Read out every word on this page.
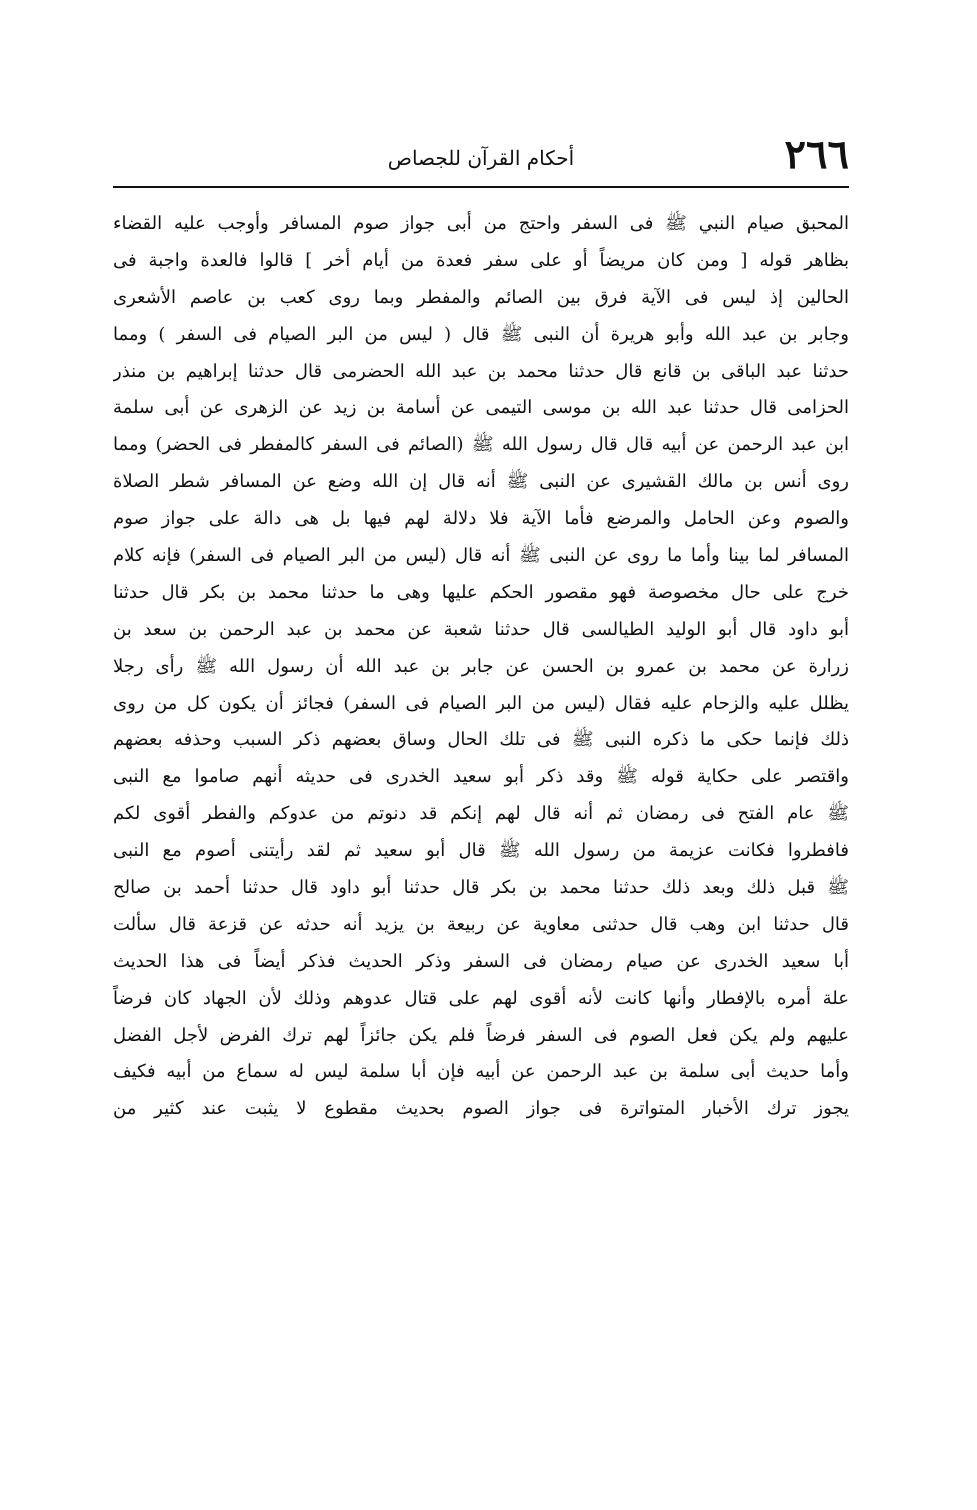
٢٦٦
أحكام القرآن للجصاص
المحبق صيام النبي ﷺ فى السفر واحتج من أبى جواز صوم المسافر وأوجب عليه القضاء
بظاهر قوله [ ومن كان مريضاً أو على سفر فعدة من أيام أخر ] قالوا فالعدة واجبة فى
الحالين إذ ليس فى الآية فرق بين الصائم والمفطر وبما روى كعب بن عاصم الأشعرى
وجابر بن عبد الله وأبو هريرة أن النبى ﷺ قال ( ليس من البر الصيام فى السفر ) ومما
حدثنا عبد الباقى بن قانع قال حدثنا محمد بن عبد الله الحضرمى قال حدثنا إبراهيم بن منذر
الحزامى قال حدثنا عبد الله بن موسى التيمى عن أسامة بن زيد عن الزهرى عن أبى سلمة
ابن عبد الرحمن عن أبيه قال قال رسول الله ﷺ (الصائم فى السفر كالمفطر فى الحضر) ومما
روى أنس بن مالك القشيرى عن النبى ﷺ أنه قال إن الله وضع عن المسافر شطر الصلاة
والصوم وعن الحامل والمرضع فأما الآية فلا دلالة لهم فيها بل هى دالة على جواز صوم
المسافر لما بينا وأما ما روى عن النبى ﷺ أنه قال (ليس من البر الصيام فى السفر) فإنه كلام
خرج على حال مخصوصة فهو مقصور الحكم عليها وهى ما حدثنا محمد بن بكر قال حدثنا
أبو داود قال أبو الوليد الطيالسى قال حدثنا شعبة عن محمد بن عبد الرحمن بن سعد بن
زرارة عن محمد بن عمرو بن الحسن عن جابر بن عبد الله أن رسول الله ﷺ رأى رجلا
يظلل عليه والزحام عليه فقال (ليس من البر الصيام فى السفر) فجائز أن يكون كل من روى
ذلك فإنما حكى ما ذكره النبى ﷺ فى تلك الحال وساق بعضهم ذكر السبب وحذفه بعضهم
واقتصر على حكاية قوله ﷺ وقد ذكر أبو سعيد الخدرى فى حديثه أنهم صاموا مع النبى
ﷺ عام الفتح فى رمضان ثم أنه قال لهم إنكم قد دنوتم من عدوكم والفطر أقوى لكم
فافطروا فكانت عزيمة من رسول الله ﷺ قال أبو سعيد ثم لقد رأيتنى أصوم مع النبى
ﷺ قبل ذلك وبعد ذلك حدثنا محمد بن بكر قال حدثنا أبو داود قال حدثنا أحمد بن صالح
قال حدثنا ابن وهب قال حدثنى معاوية عن ربيعة بن يزيد أنه حدثه عن قزعة قال سألت
أبا سعيد الخدرى عن صيام رمضان فى السفر وذكر الحديث فذكر أيضاً فى هذا الحديث
علة أمره بالإفطار وأنها كانت لأنه أقوى لهم على قتال عدوهم وذلك لأن الجهاد كان فرضاً
عليهم ولم يكن فعل الصوم فى السفر فرضاً فلم يكن جائزاً لهم ترك الفرض لأجل الفضل
وأما حديث أبى سلمة بن عبد الرحمن عن أبيه فإن أبا سلمة ليس له سماع من أبيه فكيف
يجوز ترك الأخبار المتواترة فى جواز الصوم بحديث مقطوع لا يثبت عند كثير من
